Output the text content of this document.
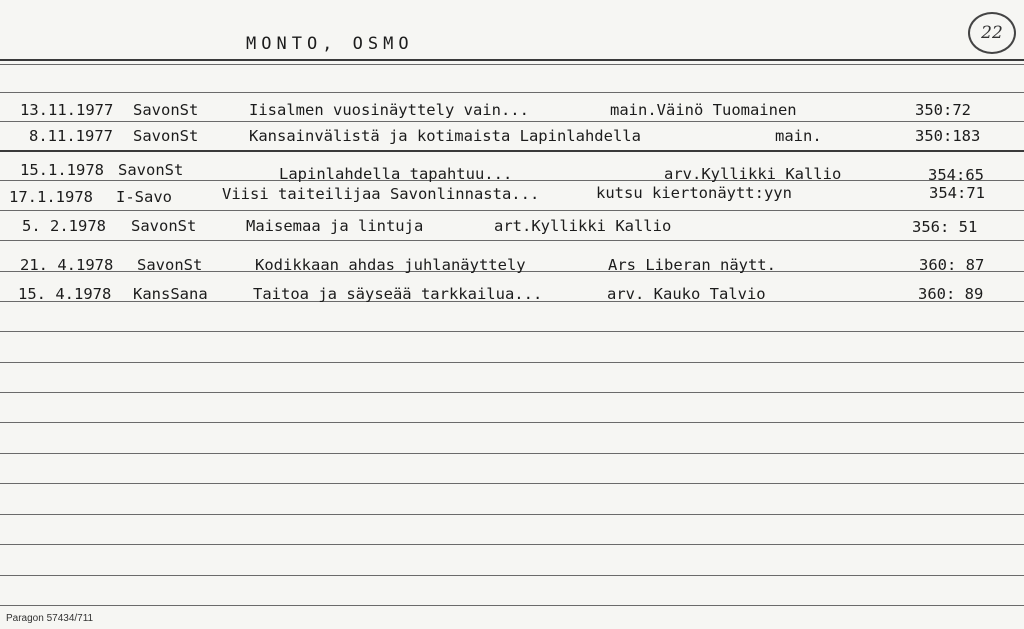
MONTO, OSMO
22
13.11.1977 SavonSt	Iisalmen vuosinäyttely vain...	main.Väinö Tuomainen	350:72
8.11.1977 SavonSt	Kansainvälistä ja kotimaista Lapinlahdella	main.	350:183
15.1.1978 SavonSt	Lapinlahdella tapahtuu...	arv.Kyllikki Kallio	354:65
17.1.1978 I-Savo	Viisi taiteilijaa Savonlinnasta...	kutsu kiertonäytt:yyn	354:71
5. 2.1978 SavonSt	Maisemaa ja lintuja	art.Kyllikki Kallio	356: 51
21. 4.1978 SavonSt	Kodikkaan ahdas juhlanäyttely	Ars Liberan näytt.	360: 87
15. 4.1978 KansSana	Taitoa ja säyseää tarkkailua...	arv. Kauko Talvio	360: 89
Paragon 57434/711
